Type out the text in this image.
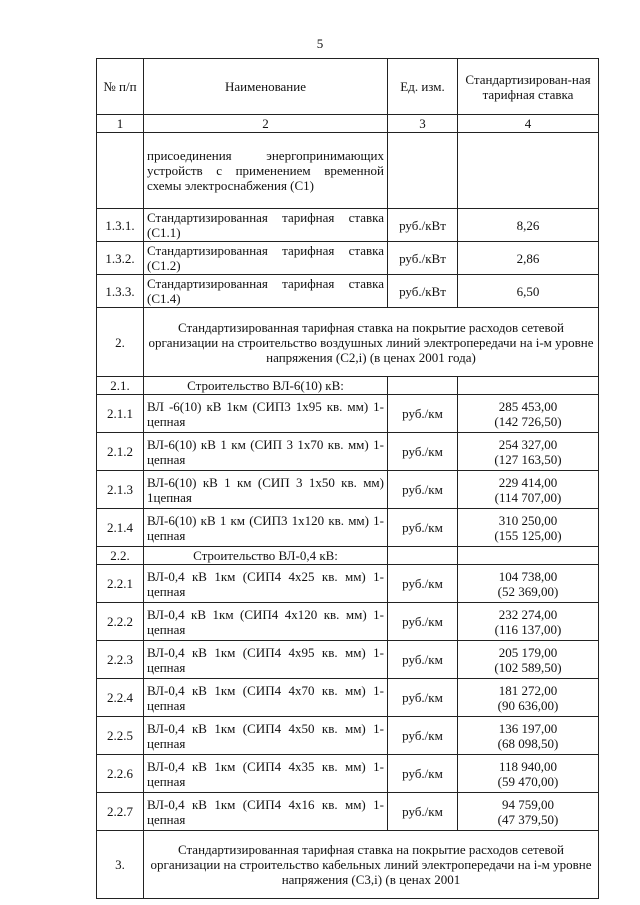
5
№ п/п	Наименование	Ед. изм.	Стандартизирован-ная тарифная ставка
1	2	3	4
	присоединения энергопринимающих устройств с применением временной схемы электроснабжения (С1)		

1.3.1.	Стандартизированная тарифная ставка (С1.1)	руб./кВт	8,26

1.3.2.	Стандартизированная тарифная ставка (С1.2)	руб./кВт	2,86

1.3.3.	Стандартизированная тарифная ставка (С1.4)	руб./кВт	6,50

2.	Стандартизированная тарифная ставка на покрытие расходов сетевой организации на строительство воздушных линий электропередачи на i-м уровне напряжения (С2,i) (в ценах 2001 года)		
2.1.	Строительство ВЛ-6(10) кВ:		
2.1.1	ВЛ -6(10) кВ 1км (СИП3 1х95 кв. мм) 1-цепная	руб./км	285 453,00
(142 726,50)

2.1.2	ВЛ-6(10) кВ 1 км (СИП 3 1х70 кв. мм) 1-цепная	руб./км	254 327,00
(127 163,50)

2.1.3	ВЛ-6(10) кВ 1 км (СИП 3 1х50 кв. мм) 1цепная	руб./км	229 414,00
(114 707,00)

2.1.4	ВЛ-6(10) кВ 1 км (СИП3 1х120 кв. мм) 1-цепная	руб./км	310 250,00
(155 125,00)

2.2.	Строительство ВЛ-0,4 кВ:		
2.2.1	ВЛ-0,4 кВ 1км (СИП4 4х25 кв. мм) 1- цепная	руб./км	104 738,00
(52 369,00)

2.2.2	ВЛ-0,4 кВ 1км (СИП4 4х120 кв. мм) 1- цепная	руб./км	232 274,00
(116 137,00)

2.2.3	ВЛ-0,4 кВ 1км (СИП4 4х95 кв. мм) 1- цепная	руб./км	205 179,00
(102 589,50)

2.2.4	ВЛ-0,4 кВ 1км (СИП4 4х70 кв. мм) 1- цепная	руб./км	181 272,00
(90 636,00)

2.2.5	ВЛ-0,4 кВ 1км (СИП4 4х50 кв. мм) 1- цепная	руб./км	136 197,00
(68 098,50)

2.2.6	ВЛ-0,4 кВ 1км (СИП4 4х35 кв. мм) 1- цепная	руб./км	118 940,00
(59 470,00)

2.2.7	ВЛ-0,4 кВ 1км (СИП4 4х16 кв. мм) 1- цепная	руб./км	94 759,00
(47 379,50)

3.	Стандартизированная тарифная ставка на покрытие расходов сетевой организации на строительство кабельных линий электропередачи на i-м уровне напряжения (С3,i) (в ценах 2001		
